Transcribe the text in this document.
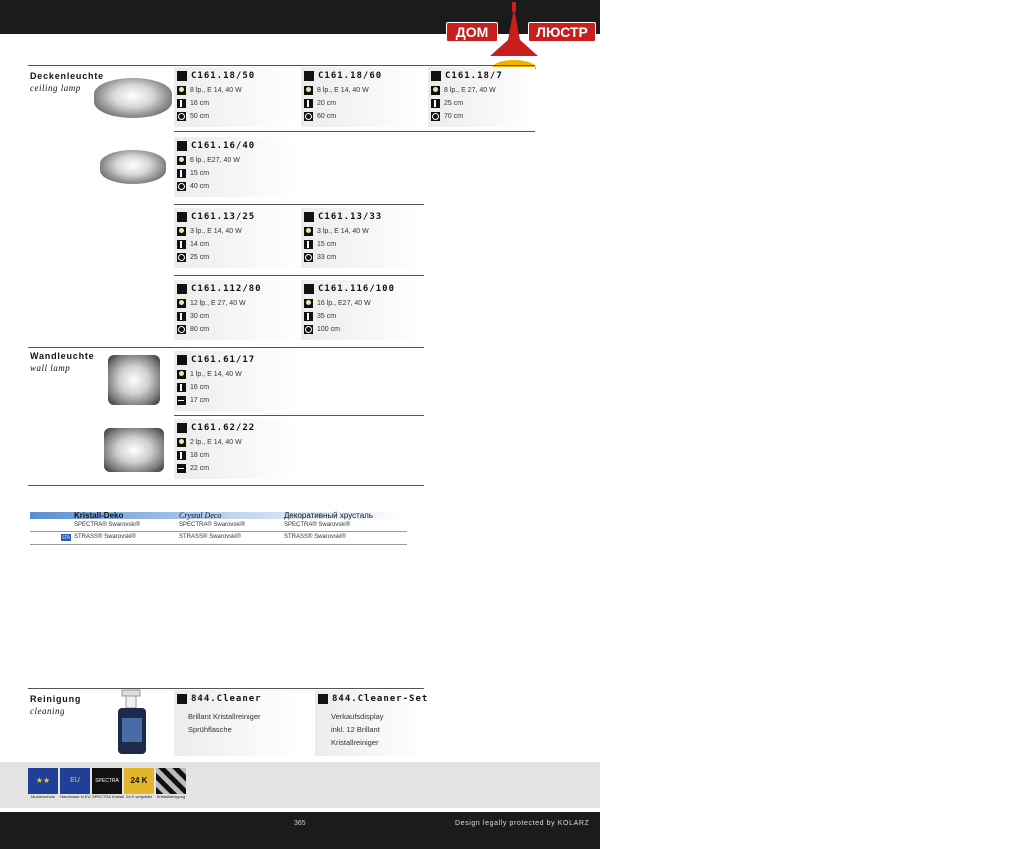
DOMLUSTR.RU
ДОМ	ЛЮСТР
Deckenleuchte
ceiling lamp
C161.18/50
8 lp., E 14, 40 W
16 cm
50 cm
C161.18/60
8 lp., E 14, 40 W
20 cm
60 cm
C161.18/7
8 lp., E 27, 40 W
25 cm
70 cm
C161.16/40
6 lp., E27, 40 W
15 cm
40 cm
C161.13/25
3 lp., E 14, 40 W
14 cm
25 cm
C161.13/33
3 lp., E 14, 40 W
15 cm
33 cm
C161.112/80
12 lp., E 27, 40 W
30 cm
80 cm
C161.116/100
16 lp., E27, 40 W
35 cm
100 cm
Wandleuchte
wall lamp
C161.61/17
1 lp., E 14, 40 W
16 cm
17 cm
C161.62/22
2 lp., E 14, 40 W
18 cm
22 cm
Kristall-Deko	Crystal Deco	Декоративный хрусталь
SPECTRA® Swarovski®	SPECTRA® Swarovski®	SPECTRA® Swarovski®
STR STRASS® Swarovski®	STRASS® Swarovski®	STRASS® Swarovski®
Reinigung
cleaning
844.Cleaner
Brillant Kristallreiniger
Sprühflasche
844.Cleaner-Set
Verkaufsdisplay
inkl. 12 Brillant
Kristallreiniger
★★
Musterschutz
EU
Handmade in EU
SPECTRA
SPECTRA Kristall
24 K
24 K vergoldet	Kristallreinigung
365	Design legally protected by KOLARZ
